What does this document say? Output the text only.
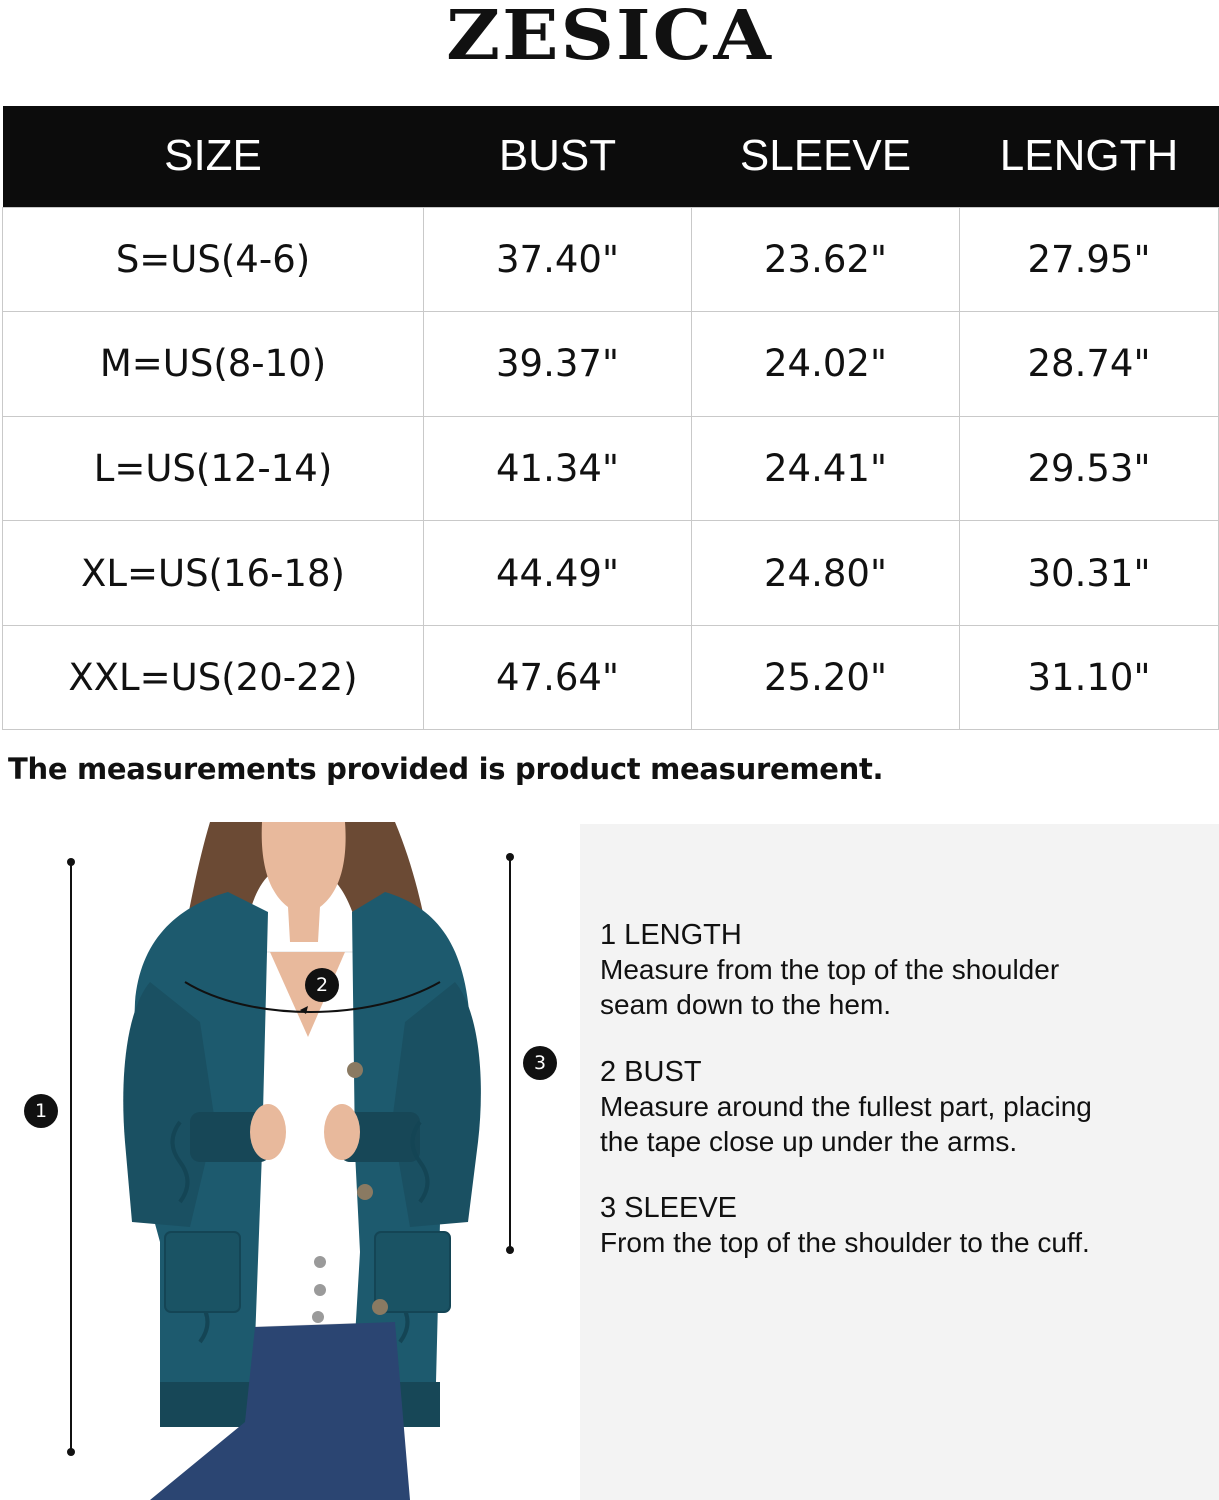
ZESICA
SIZE	BUST	SLEEVE	LENGTH
S=US(4-6)	37.40"	23.62"	27.95"
M=US(8-10)	39.37"	24.02"	28.74"
L=US(12-14)	41.34"	24.41"	29.53"
XL=US(16-18)	44.49"	24.80"	30.31"
XXL=US(20-22)	47.64"	25.20"	31.10"
The measurements provided is product measurement.
1
2
3
1 LENGTH
Measure from the top of the shoulder
seam down to the hem.
2 BUST
Measure around the fullest part, placing
the tape close up under the arms.
3 SLEEVE
From the top of the shoulder to the cuff.
